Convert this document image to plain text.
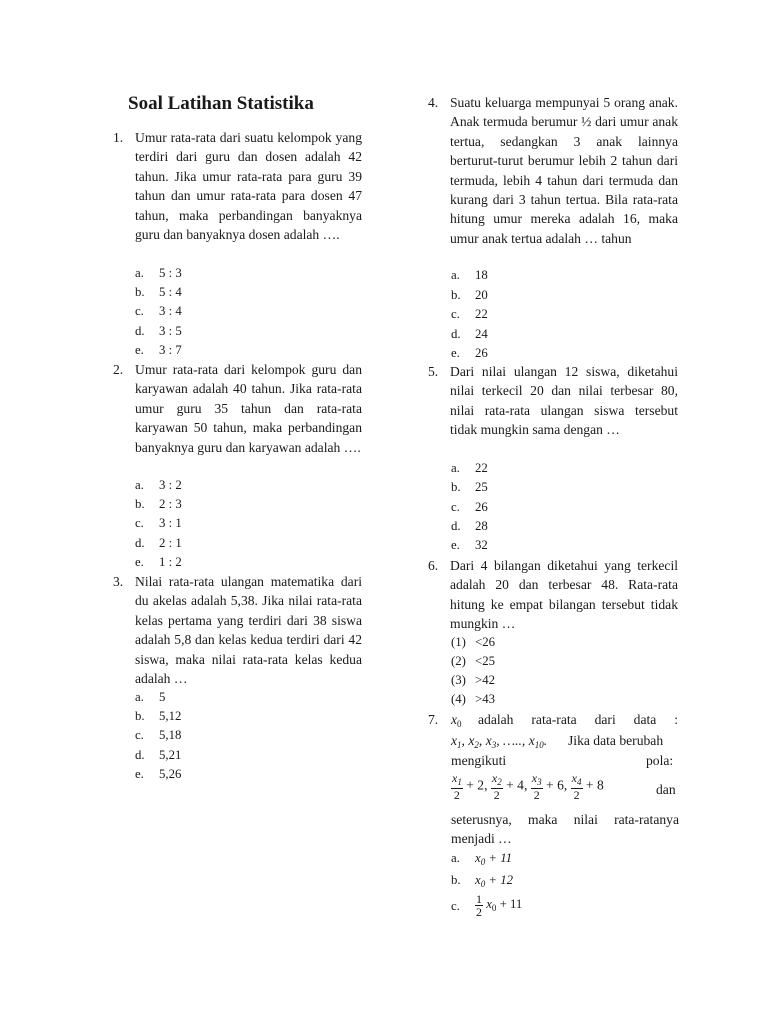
Soal Latihan Statistika
1. Umur rata-rata dari suatu kelompok yang terdiri dari guru dan dosen adalah 42 tahun. Jika umur rata-rata para guru 39 tahun dan umur rata-rata para dosen 47 tahun, maka perbandingan banyaknya guru dan banyaknya dosen adalah ….
a. 5 : 3
b. 5 : 4
c. 3 : 4
d. 3 : 5
e. 3 : 7
2. Umur rata-rata dari kelompok guru dan karyawan adalah 40 tahun. Jika rata-rata umur guru 35 tahun dan rata-rata karyawan 50 tahun, maka perbandingan banyaknya guru dan karyawan adalah ….
a. 3 : 2
b. 2 : 3
c. 3 : 1
d. 2 : 1
e. 1 : 2
3. Nilai rata-rata ulangan matematika dari du akelas adalah 5,38. Jika nilai rata-rata kelas pertama yang terdiri dari 38 siswa adalah 5,8 dan kelas kedua terdiri dari 42 siswa, maka nilai rata-rata kelas kedua adalah …
a. 5
b. 5,12
c. 5,18
d. 5,21
e. 5,26
4. Suatu keluarga mempunyai 5 orang anak. Anak termuda berumur ½ dari umur anak tertua, sedangkan 3 anak lainnya berturut-turut berumur lebih 2 tahun dari termuda, lebih 4 tahun dari termuda dan kurang dari 3 tahun tertua. Bila rata-rata hitung umur mereka adalah 16, maka umur anak tertua adalah … tahun
a. 18
b. 20
c. 22
d. 24
e. 26
5. Dari nilai ulangan 12 siswa, diketahui nilai terkecil 20 dan nilai terbesar 80, nilai rata-rata ulangan siswa tersebut tidak mungkin sama dengan …
a. 22
b. 25
c. 26
d. 28
e. 32
6. Dari 4 bilangan diketahui yang terkecil adalah 20 dan terbesar 48. Rata-rata hitung ke empat bilangan tersebut tidak mungkin …
(1) <26
(2) <25
(3) >42
(4) >43
7. $x_0$ adalah rata-rata dari data :
$x_1$, $x_2$, $x_3$, ….., $x_{10}$. Jika data berubah
mengikuti	pola:
$\frac{x_1}{2} + 2$, $\frac{x_2}{2} + 4$, $\frac{x_3}{2} + 6$, $\frac{x_4}{2} + 8$	dan
seterusnya, maka nilai rata-ratanya menjadi …
a. $x_0 + 11$
b. $x_0 + 12$
c. $\frac{1}{2} x_0 + 11$
